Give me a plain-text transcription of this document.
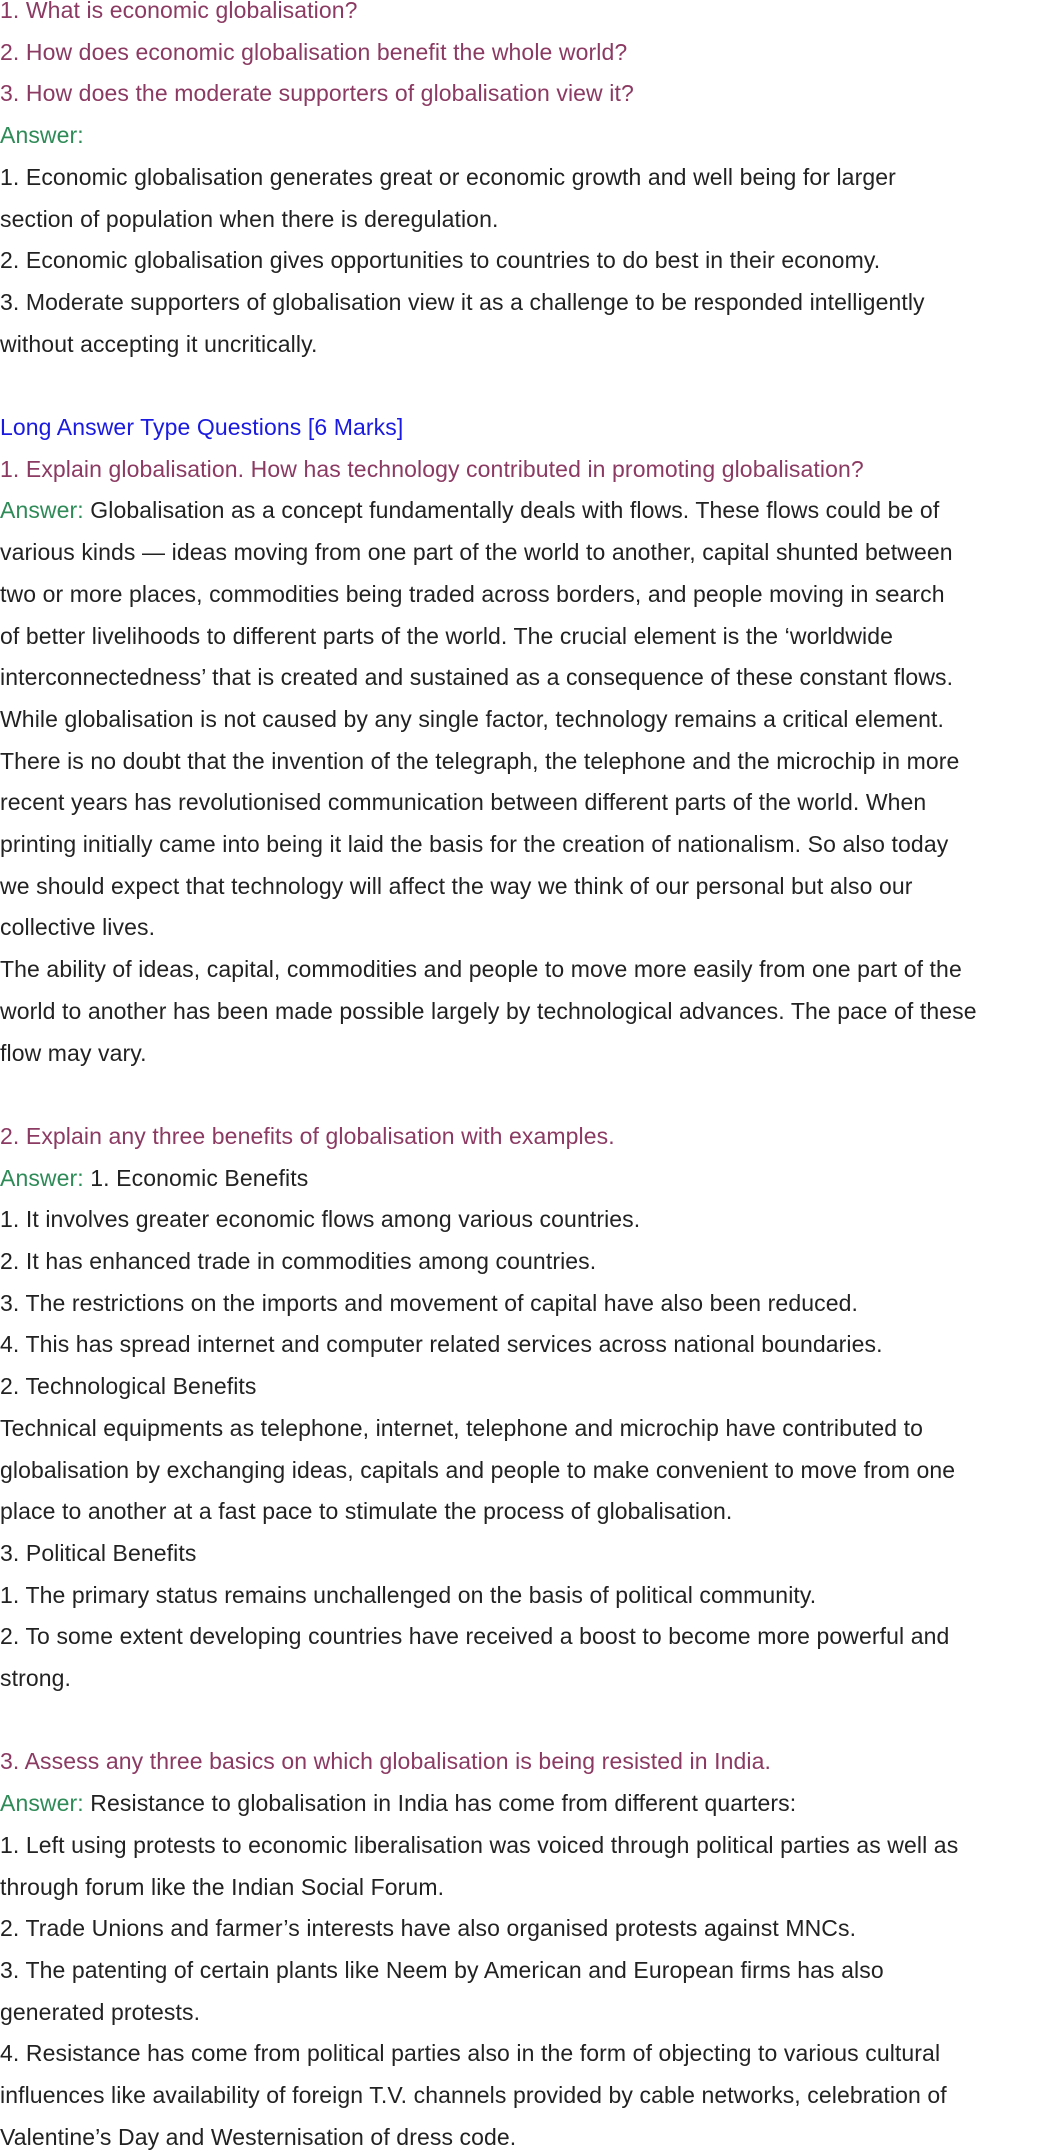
1. What is economic globalisation?
2. How does economic globalisation benefit the whole world?
3. How does the moderate supporters of globalisation view it?
Answer:
1. Economic globalisation generates great or economic growth and well being for larger
section of population when there is deregulation.
2. Economic globalisation gives opportunities to countries to do best in their economy.
3. Moderate supporters of globalisation view it as a challenge to be responded intelligently
without accepting it uncritically.
Long Answer Type Questions [6 Marks]
1. Explain globalisation. How has technology contributed in promoting globalisation?
Answer: Globalisation as a concept fundamentally deals with flows. These flows could be of
various kinds — ideas moving from one part of the world to another, capital shunted between
two or more places, commodities being traded across borders, and people moving in search
of better livelihoods to different parts of the world. The crucial element is the ‘worldwide
interconnectedness’ that is created and sustained as a consequence of these constant flows.
While globalisation is not caused by any single factor, technology remains a critical element.
There is no doubt that the invention of the telegraph, the telephone and the microchip in more
recent years has revolutionised communication between different parts of the world. When
printing initially came into being it laid the basis for the creation of nationalism. So also today
we should expect that technology will affect the way we think of our personal but also our
collective lives.
The ability of ideas, capital, commodities and people to move more easily from one part of the
world to another has been made possible largely by technological advances. The pace of these
flow may vary.
2. Explain any three benefits of globalisation with examples.
Answer: 1. Economic Benefits
1. It involves greater economic flows among various countries.
2. It has enhanced trade in commodities among countries.
3. The restrictions on the imports and movement of capital have also been reduced.
4. This has spread internet and computer related services across national boundaries.
2. Technological Benefits
Technical equipments as telephone, internet, telephone and microchip have contributed to
globalisation by exchanging ideas, capitals and people to make convenient to move from one
place to another at a fast pace to stimulate the process of globalisation.
3. Political Benefits
1. The primary status remains unchallenged on the basis of political community.
2. To some extent developing countries have received a boost to become more powerful and
strong.
3. Assess any three basics on which globalisation is being resisted in India.
Answer: Resistance to globalisation in India has come from different quarters:
1. Left using protests to economic liberalisation was voiced through political parties as well as
through forum like the Indian Social Forum.
2. Trade Unions and farmer’s interests have also organised protests against MNCs.
3. The patenting of certain plants like Neem by American and European firms has also
generated protests.
4. Resistance has come from political parties also in the form of objecting to various cultural
influences like availability of foreign T.V. channels provided by cable networks, celebration of
Valentine’s Day and Westernisation of dress code.
